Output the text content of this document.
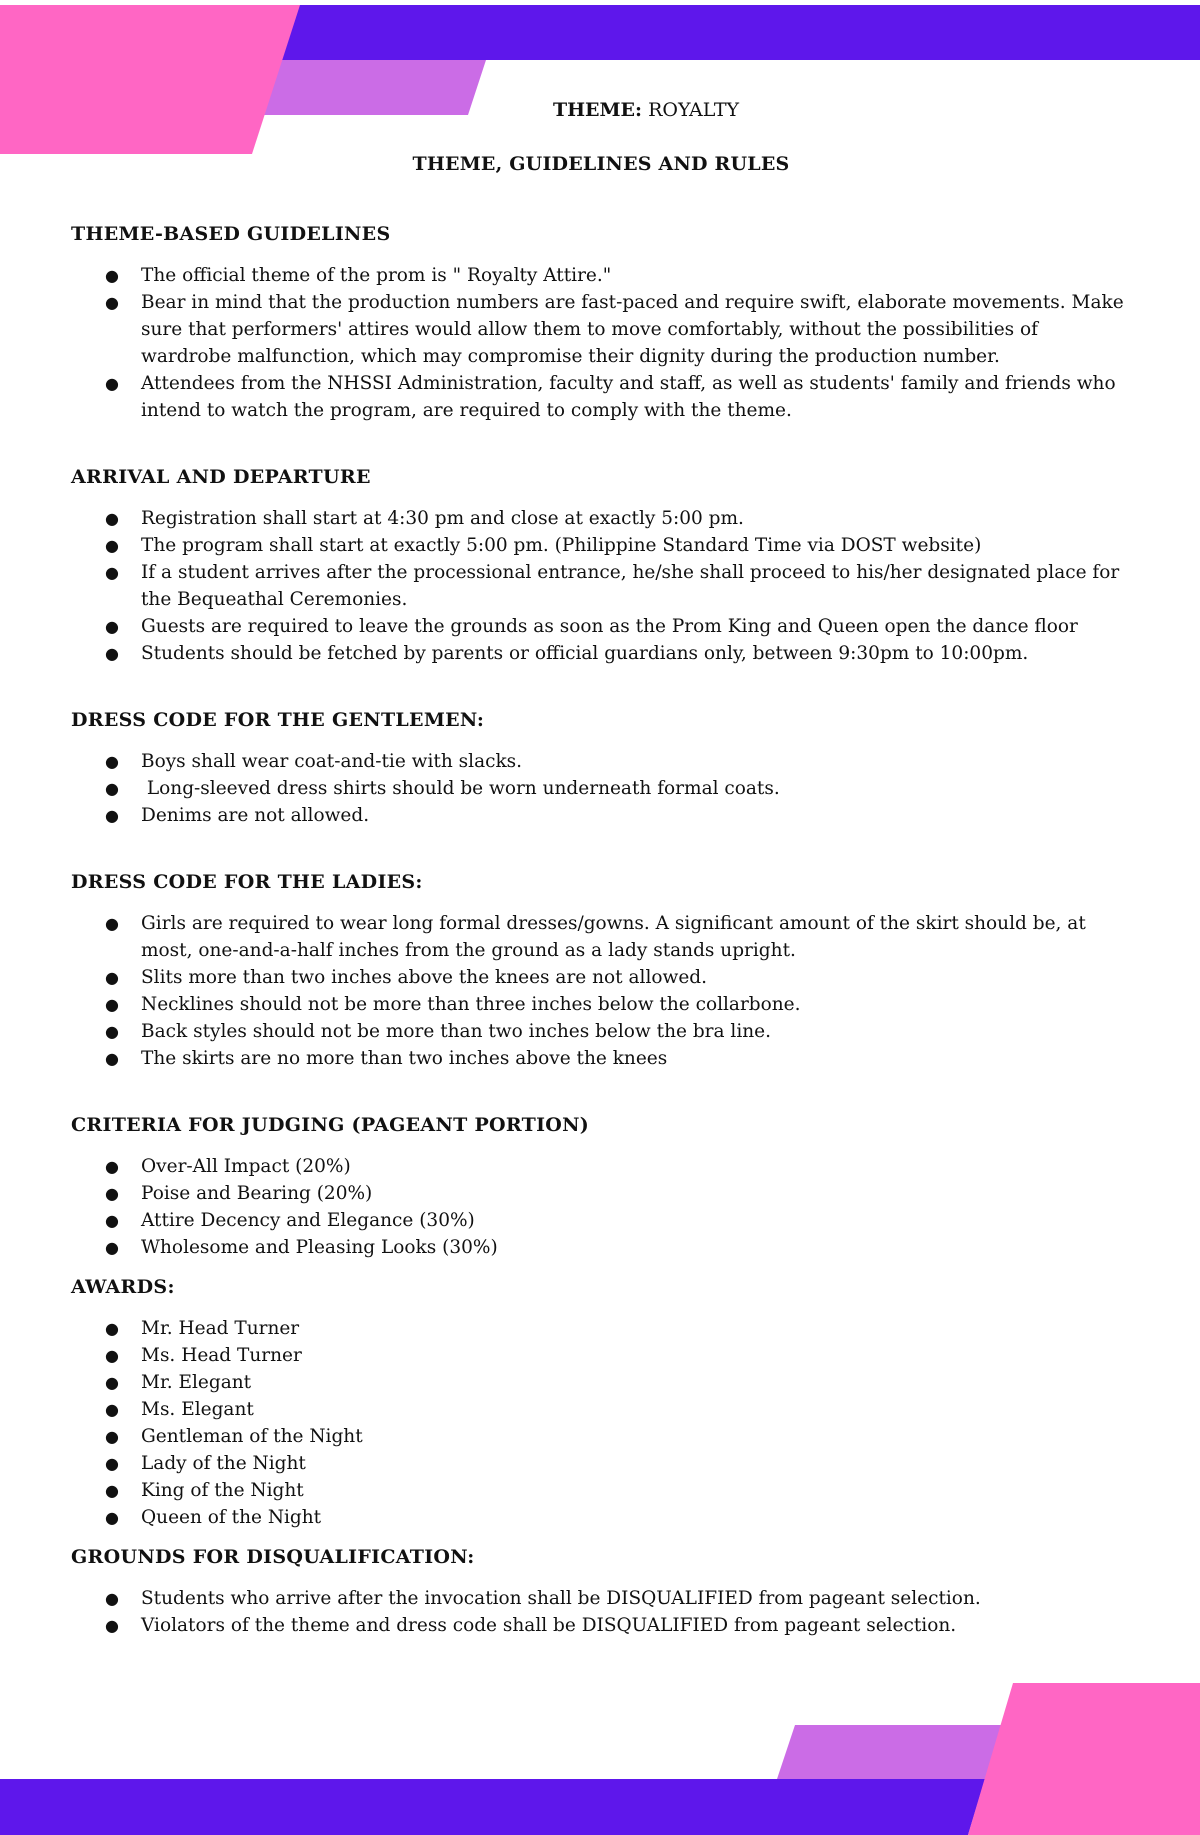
THEME: ROYALTY
THEME, GUIDELINES AND RULES
THEME-BASED GUIDELINES
● The official theme of the prom is " Royalty Attire."
● Bear in mind that the production numbers are fast-paced and require swift, elaborate movements. Make sure that performers' attires would allow them to move comfortably, without the possibilities of wardrobe malfunction, which may compromise their dignity during the production number.
● Attendees from the NHSSI Administration, faculty and staff, as well as students' family and friends who intend to watch the program, are required to comply with the theme.
ARRIVAL AND DEPARTURE
● Registration shall start at 4:30 pm and close at exactly 5:00 pm.
● The program shall start at exactly 5:00 pm. (Philippine Standard Time via DOST website)
● If a student arrives after the processional entrance, he/she shall proceed to his/her designated place for the Bequeathal Ceremonies.
● Guests are required to leave the grounds as soon as the Prom King and Queen open the dance floor
● Students should be fetched by parents or official guardians only, between 9:30pm to 10:00pm.
DRESS CODE FOR THE GENTLEMEN:
● Boys shall wear coat-and-tie with slacks.
● Long-sleeved dress shirts should be worn underneath formal coats.
● Denims are not allowed.
DRESS CODE FOR THE LADIES:
● Girls are required to wear long formal dresses/gowns. A significant amount of the skirt should be, at most, one-and-a-half inches from the ground as a lady stands upright.
● Slits more than two inches above the knees are not allowed.
● Necklines should not be more than three inches below the collarbone.
● Back styles should not be more than two inches below the bra line.
● The skirts are no more than two inches above the knees
CRITERIA FOR JUDGING (PAGEANT PORTION)
● Over-All Impact (20%)
● Poise and Bearing (20%)
● Attire Decency and Elegance (30%)
● Wholesome and Pleasing Looks (30%)
AWARDS:
● Mr. Head Turner
● Ms. Head Turner
● Mr. Elegant
● Ms. Elegant
● Gentleman of the Night
● Lady of the Night
● King of the Night
● Queen of the Night
GROUNDS FOR DISQUALIFICATION:
● Students who arrive after the invocation shall be DISQUALIFIED from pageant selection.
● Violators of the theme and dress code shall be DISQUALIFIED from pageant selection.
